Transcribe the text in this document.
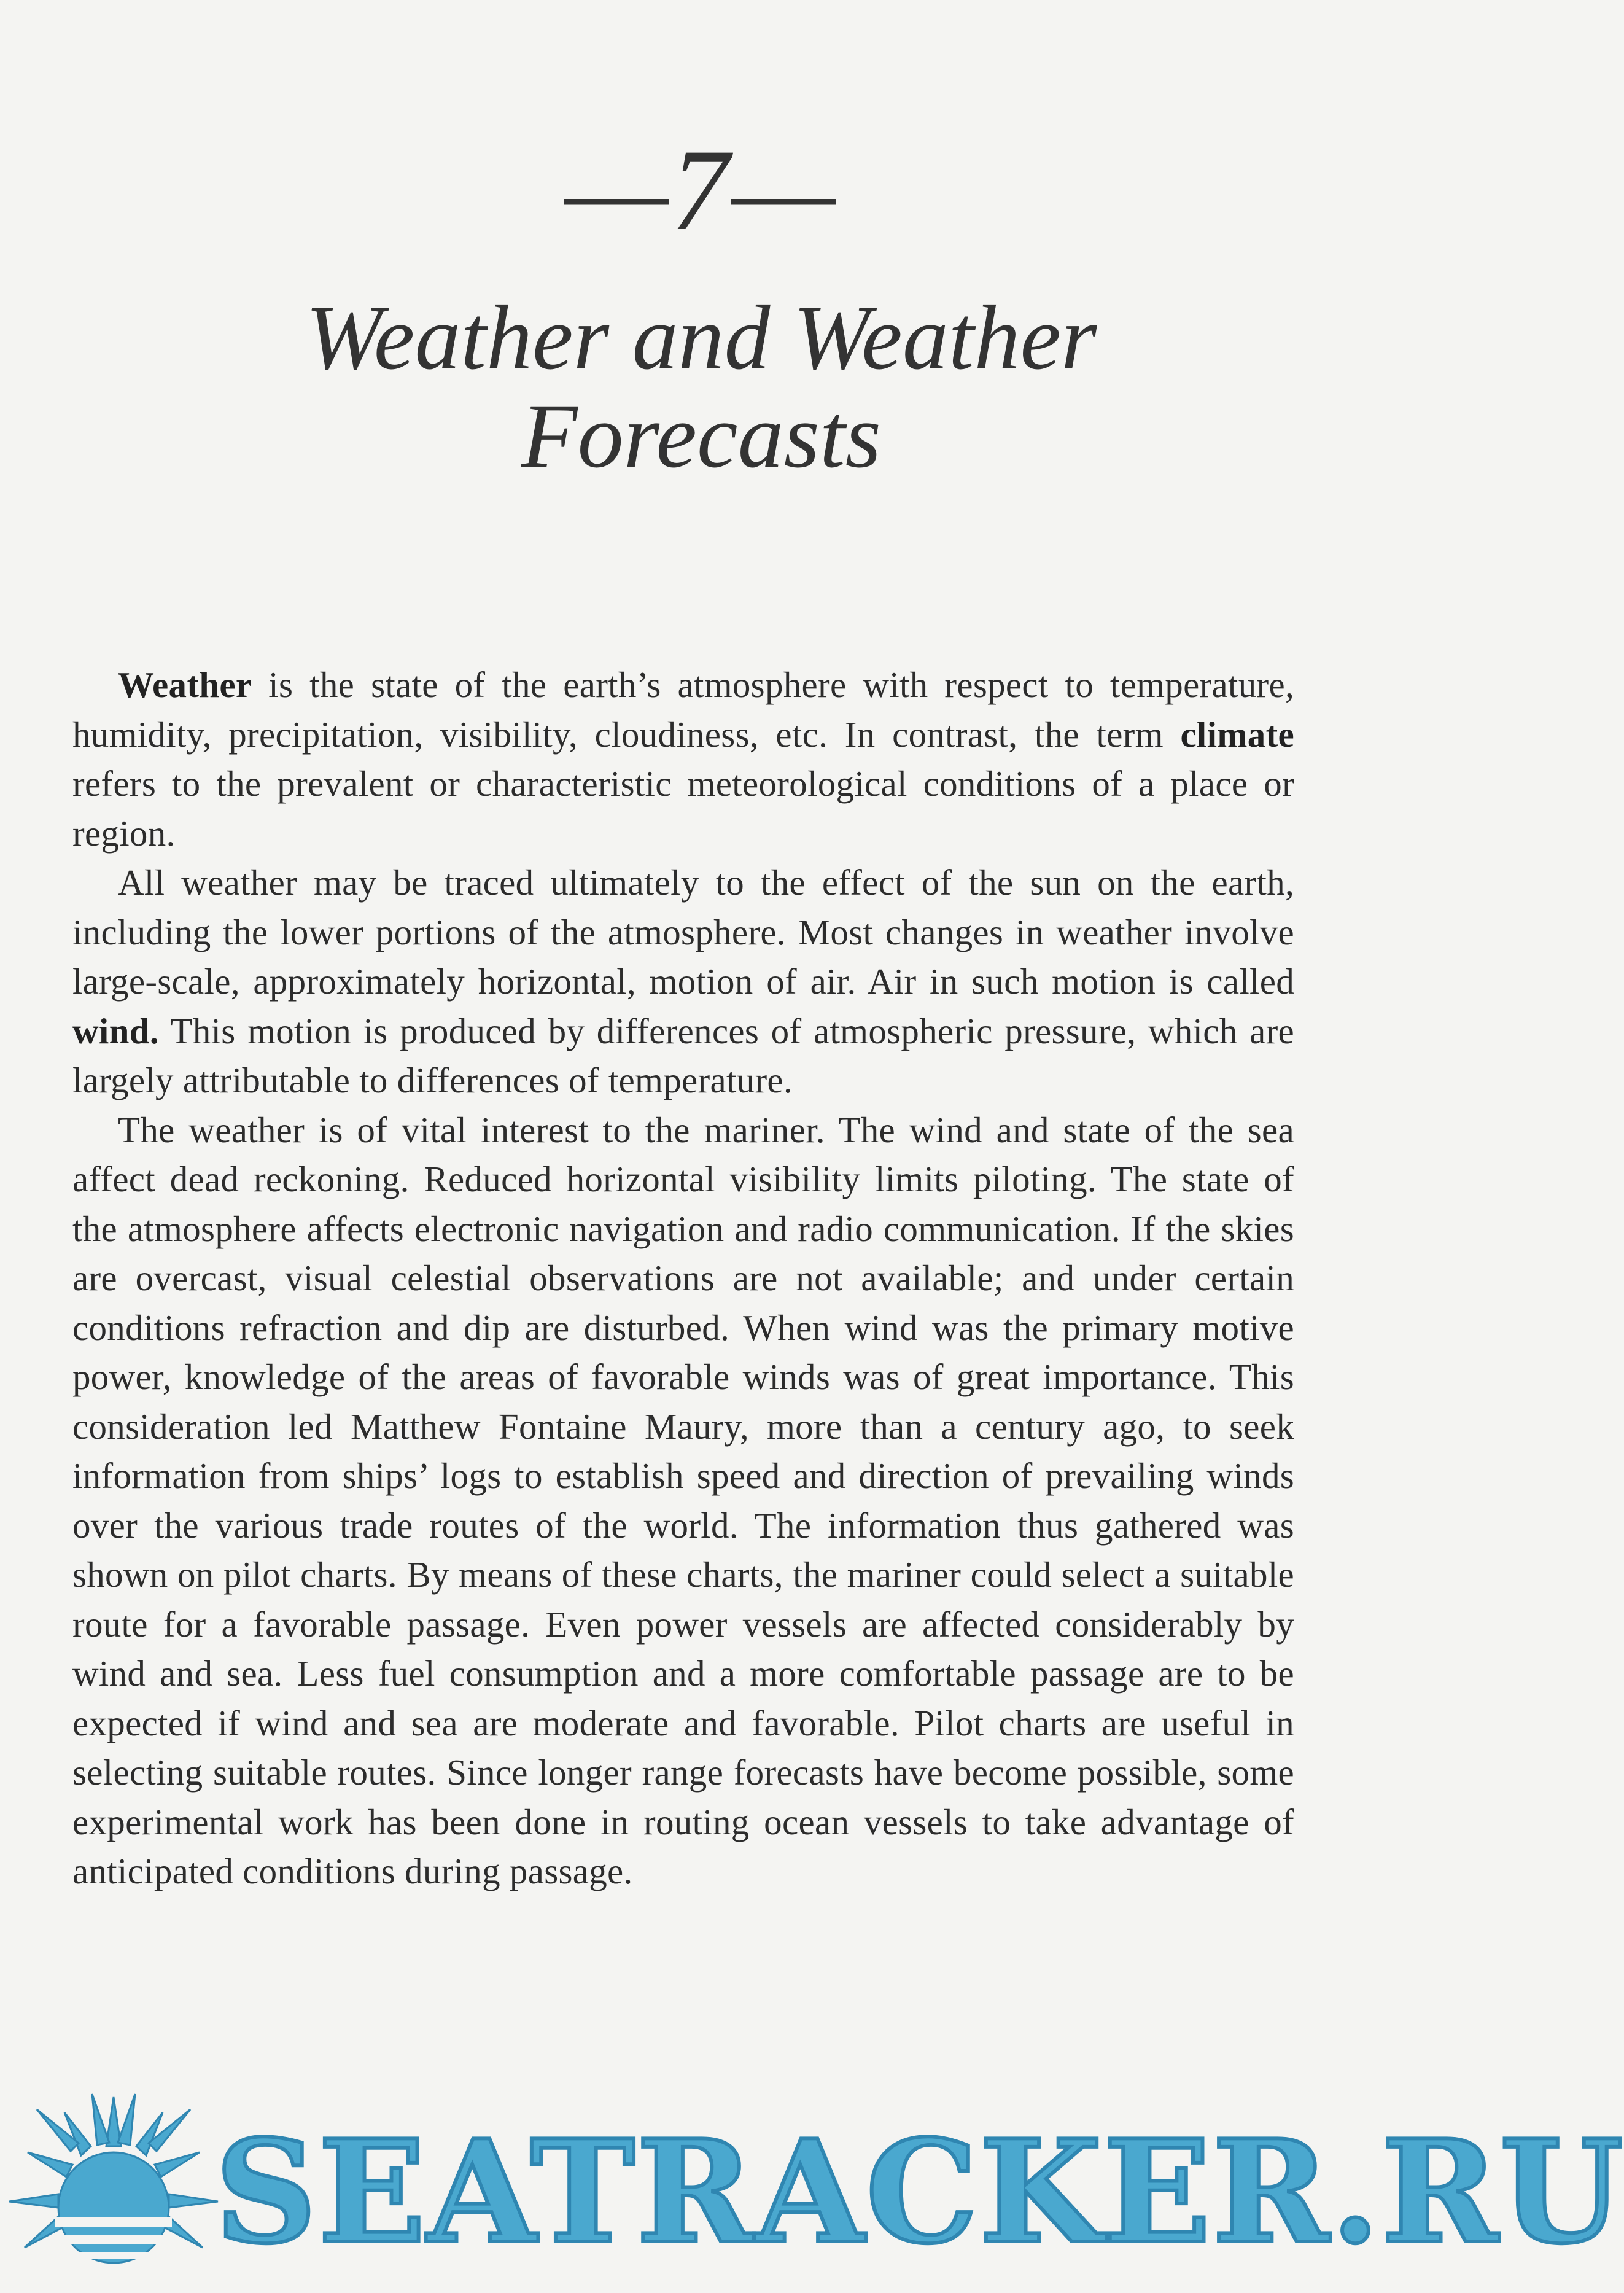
—7—
Weather and Weather
Forecasts

Weather is the state of the earth’s atmosphere with respect to temperature, humidity, precipitation, visibility, cloudiness, etc. In contrast, the term climate refers to the prevalent or characteristic meteorological conditions of a place or region.

All weather may be traced ultimately to the effect of the sun on the earth, including the lower portions of the atmosphere. Most changes in weather involve large-scale, approximately horizontal, motion of air. Air in such motion is called wind. This motion is produced by differences of atmospheric pressure, which are largely attributable to differences of temperature.

The weather is of vital interest to the mariner. The wind and state of the sea affect dead reckoning. Reduced horizontal visibility limits piloting. The state of the atmosphere affects electronic navigation and radio communication. If the skies are overcast, visual celestial observations are not available; and under certain conditions refraction and dip are disturbed. When wind was the primary motive power, knowledge of the areas of favorable winds was of great importance. This consideration led Matthew Fontaine Maury, more than a century ago, to seek information from ships’ logs to establish speed and direction of prevailing winds over the various trade routes of the world. The information thus gathered was shown on pilot charts. By means of these charts, the mariner could select a suitable route for a favorable passage. Even power vessels are affected considerably by wind and sea. Less fuel consumption and a more comfortable passage are to be expected if wind and sea are moderate and favorable. Pilot charts are useful in selecting suitable routes. Since longer range forecasts have become possible, some experimental work has been done in routing ocean vessels to take advantage of anticipated conditions during passage.

SEATRACKER.RU
